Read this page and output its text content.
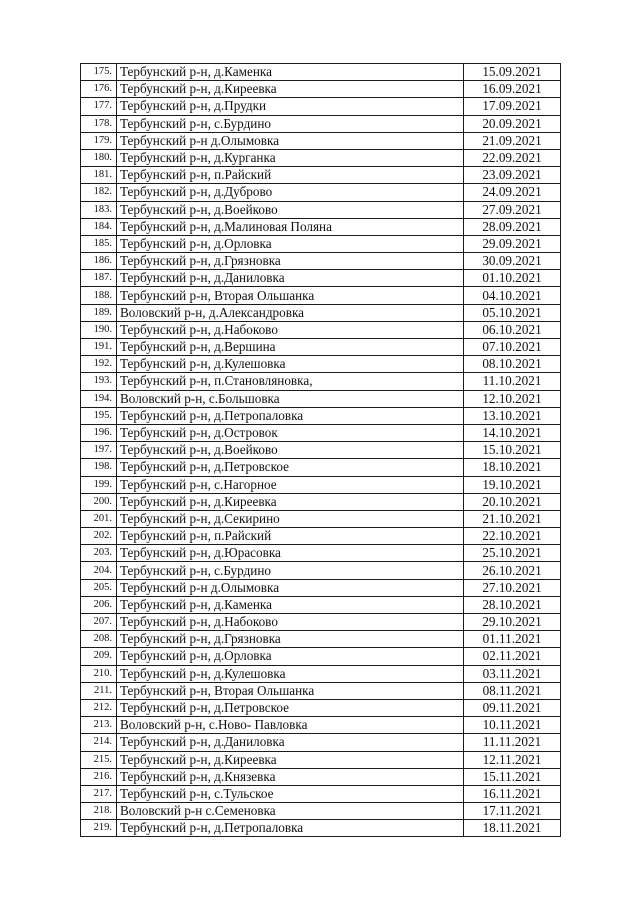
175.	Тербунский р-н, д.Каменка	15.09.2021
176.	Тербунский р-н, д.Киреевка	16.09.2021
177.	Тербунский р-н, д.Прудки	17.09.2021
178.	Тербунский р-н, с.Бурдино	20.09.2021
179.	Тербунский р-н д.Олымовка	21.09.2021
180.	Тербунский р-н, д.Курганка	22.09.2021
181.	Тербунский р-н, п.Райский	23.09.2021
182.	Тербунский р-н, д.Дуброво	24.09.2021
183.	Тербунский р-н, д.Воейково	27.09.2021
184.	Тербунский р-н, д.Малиновая Поляна	28.09.2021
185.	Тербунский р-н, д.Орловка	29.09.2021
186.	Тербунский р-н, д.Грязновка	30.09.2021
187.	Тербунский р-н, д.Даниловка	01.10.2021
188.	Тербунский р-н, Вторая Ольшанка	04.10.2021
189.	Воловский р-н, д.Александровка	05.10.2021
190.	Тербунский р-н, д.Набоково	06.10.2021
191.	Тербунский р-н, д.Вершина	07.10.2021
192.	Тербунский р-н, д.Кулешовка	08.10.2021
193.	Тербунский р-н, п.Становляновка,	11.10.2021
194.	Воловский р-н, с.Большовка	12.10.2021
195.	Тербунский р-н, д.Петропаловка	13.10.2021
196.	Тербунский р-н, д.Островок	14.10.2021
197.	Тербунский р-н, д.Воейково	15.10.2021
198.	Тербунский р-н, д.Петровское	18.10.2021
199.	Тербунский р-н, с.Нагорное	19.10.2021
200.	Тербунский р-н, д.Киреевка	20.10.2021
201.	Тербунский р-н, д.Секирино	21.10.2021
202.	Тербунский р-н, п.Райский	22.10.2021
203.	Тербунский р-н, д.Юрасовка	25.10.2021
204.	Тербунский р-н, с.Бурдино	26.10.2021
205.	Тербунский р-н д.Олымовка	27.10.2021
206.	Тербунский р-н, д.Каменка	28.10.2021
207.	Тербунский р-н, д.Набоково	29.10.2021
208.	Тербунский р-н, д.Грязновка	01.11.2021
209.	Тербунский р-н, д.Орловка	02.11.2021
210.	Тербунский р-н, д.Кулешовка	03.11.2021
211.	Тербунский р-н, Вторая Ольшанка	08.11.2021
212.	Тербунский р-н, д.Петровское	09.11.2021
213.	Воловский р-н, с.Ново- Павловка	10.11.2021
214.	Тербунский р-н, д.Даниловка	11.11.2021
215.	Тербунский р-н, д.Киреевка	12.11.2021
216.	Тербунский р-н, д.Князевка	15.11.2021
217.	Тербунский р-н, с.Тульское	16.11.2021
218.	Воловский р-н с.Семеновка	17.11.2021
219.	Тербунский р-н, д.Петропаловка	18.11.2021
